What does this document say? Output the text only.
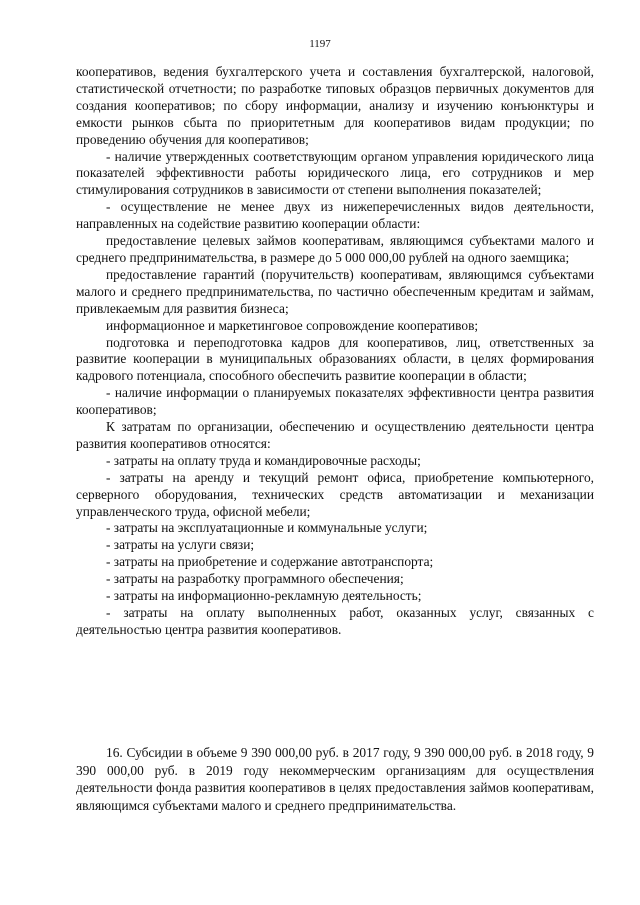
1197

кооперативов, ведения бухгалтерского учета и составления бухгалтерской, налоговой, статистической отчетности; по разработке типовых образцов первичных документов для создания кооперативов; по сбору информации, анализу и изучению конъюнктуры и емкости рынков сбыта по приоритетным для кооперативов видам продукции; по проведению обучения для кооперативов;

- наличие утвержденных соответствующим органом управления юридического лица показателей эффективности работы юридического лица, его сотрудников и мер стимулирования сотрудников в зависимости от степени выполнения показателей;

- осуществление не менее двух из нижеперечисленных видов деятельности, направленных на содействие развитию кооперации области:

предоставление целевых займов кооперативам, являющимся субъектами малого и среднего предпринимательства, в размере до 5 000 000,00 рублей на одного заемщика;

предоставление гарантий (поручительств) кооперативам, являющимся субъектами малого и среднего предпринимательства, по частично обеспеченным кредитам и займам, привлекаемым для развития бизнеса;

информационное и маркетинговое сопровождение кооперативов;

подготовка и переподготовка кадров для кооперативов, лиц, ответственных за развитие кооперации в муниципальных образованиях области, в целях формирования кадрового потенциала, способного обеспечить развитие кооперации в области;

- наличие информации о планируемых показателях эффективности центра развития кооперативов;

К затратам по организации, обеспечению и осуществлению деятельности центра развития кооперативов относятся:

- затраты на оплату труда и командировочные расходы;

- затраты на аренду и текущий ремонт офиса, приобретение компьютерного, серверного оборудования, технических средств автоматизации и механизации управленческого труда, офисной мебели;

- затраты на эксплуатационные и коммунальные услуги;

- затраты на услуги связи;

- затраты на приобретение и содержание автотранспорта;

- затраты на разработку программного обеспечения;

- затраты на информационно-рекламную деятельность;

- затраты на оплату выполненных работ, оказанных услуг, связанных с деятельностью центра развития кооперативов.

16. Субсидии в объеме 9 390 000,00 руб. в 2017 году, 9 390 000,00 руб. в 2018 году, 9 390 000,00 руб. в 2019 году некоммерческим организациям для осуществления деятельности фонда развития кооперативов в целях предоставления займов кооперативам, являющимся субъектами малого и среднего предпринимательства.
